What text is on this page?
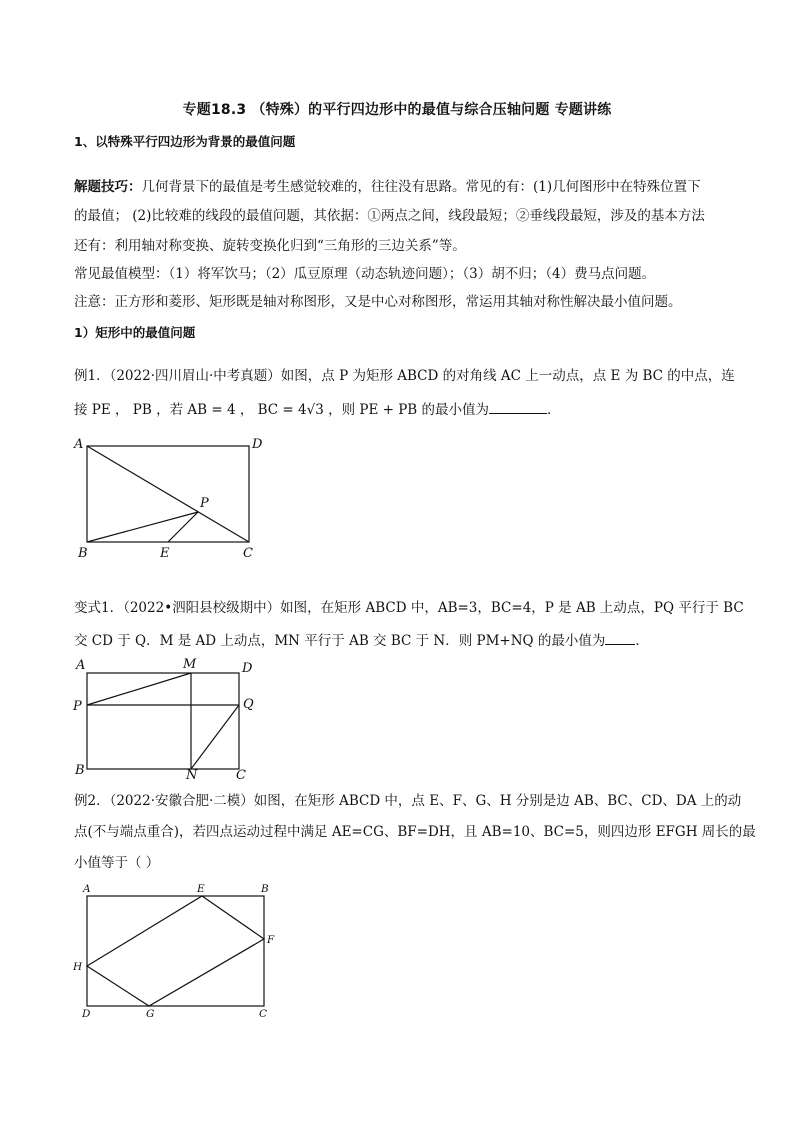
专题18.3 （特殊）的平行四边形中的最值与综合压轴问题 专题讲练
1、以特殊平行四边形为背景的最值问题
解题技巧：几何背景下的最值是考生感觉较难的，往往没有思路。常见的有：(1)几何图形中在特殊位置下
的最值； (2)比较难的线段的最值问题，其依据：①两点之间，线段最短；②垂线段最短，涉及的基本方法
还有：利用轴对称变换、旋转变换化归到“三角形的三边关系”等。
常见最值模型：（1）将军饮马；（2）瓜豆原理（动态轨迹问题）；（3）胡不归；（4）费马点问题。
注意：正方形和菱形、矩形既是轴对称图形，又是中心对称图形，常运用其轴对称性解决最小值问题。
1）矩形中的最值问题
例1．（2022·四川眉山·中考真题）如图，点 P 为矩形 ABCD 的对角线 AC 上一动点，点 E 为 BC 的中点，连
接 PE ， PB ，若 AB = 4 ， BC = 4√3 ，则 PE + PB 的最小值为	．
A	D
P
B	E	C
变式1．（2022•泗阳县校级期中）如图，在矩形 ABCD 中，AB=3，BC=4，P 是 AB 上动点，PQ 平行于 BC
交 CD 于 Q．M 是 AD 上动点，MN 平行于 AB 交 BC 于 N．则 PM+NQ 的最小值为 ．
A	M	D
P	Q
B	N	C
例2．（2022·安徽合肥·二模）如图，在矩形 ABCD 中，点 E、F、G、H 分别是边 AB、BC、CD、DA 上的动
点(不与端点重合)，若四点运动过程中满足 AE=CG、BF=DH，且 AB=10、BC=5，则四边形 EFGH 周长的最
小值等于（ ）
A	E	B
F
H
D	G	C
